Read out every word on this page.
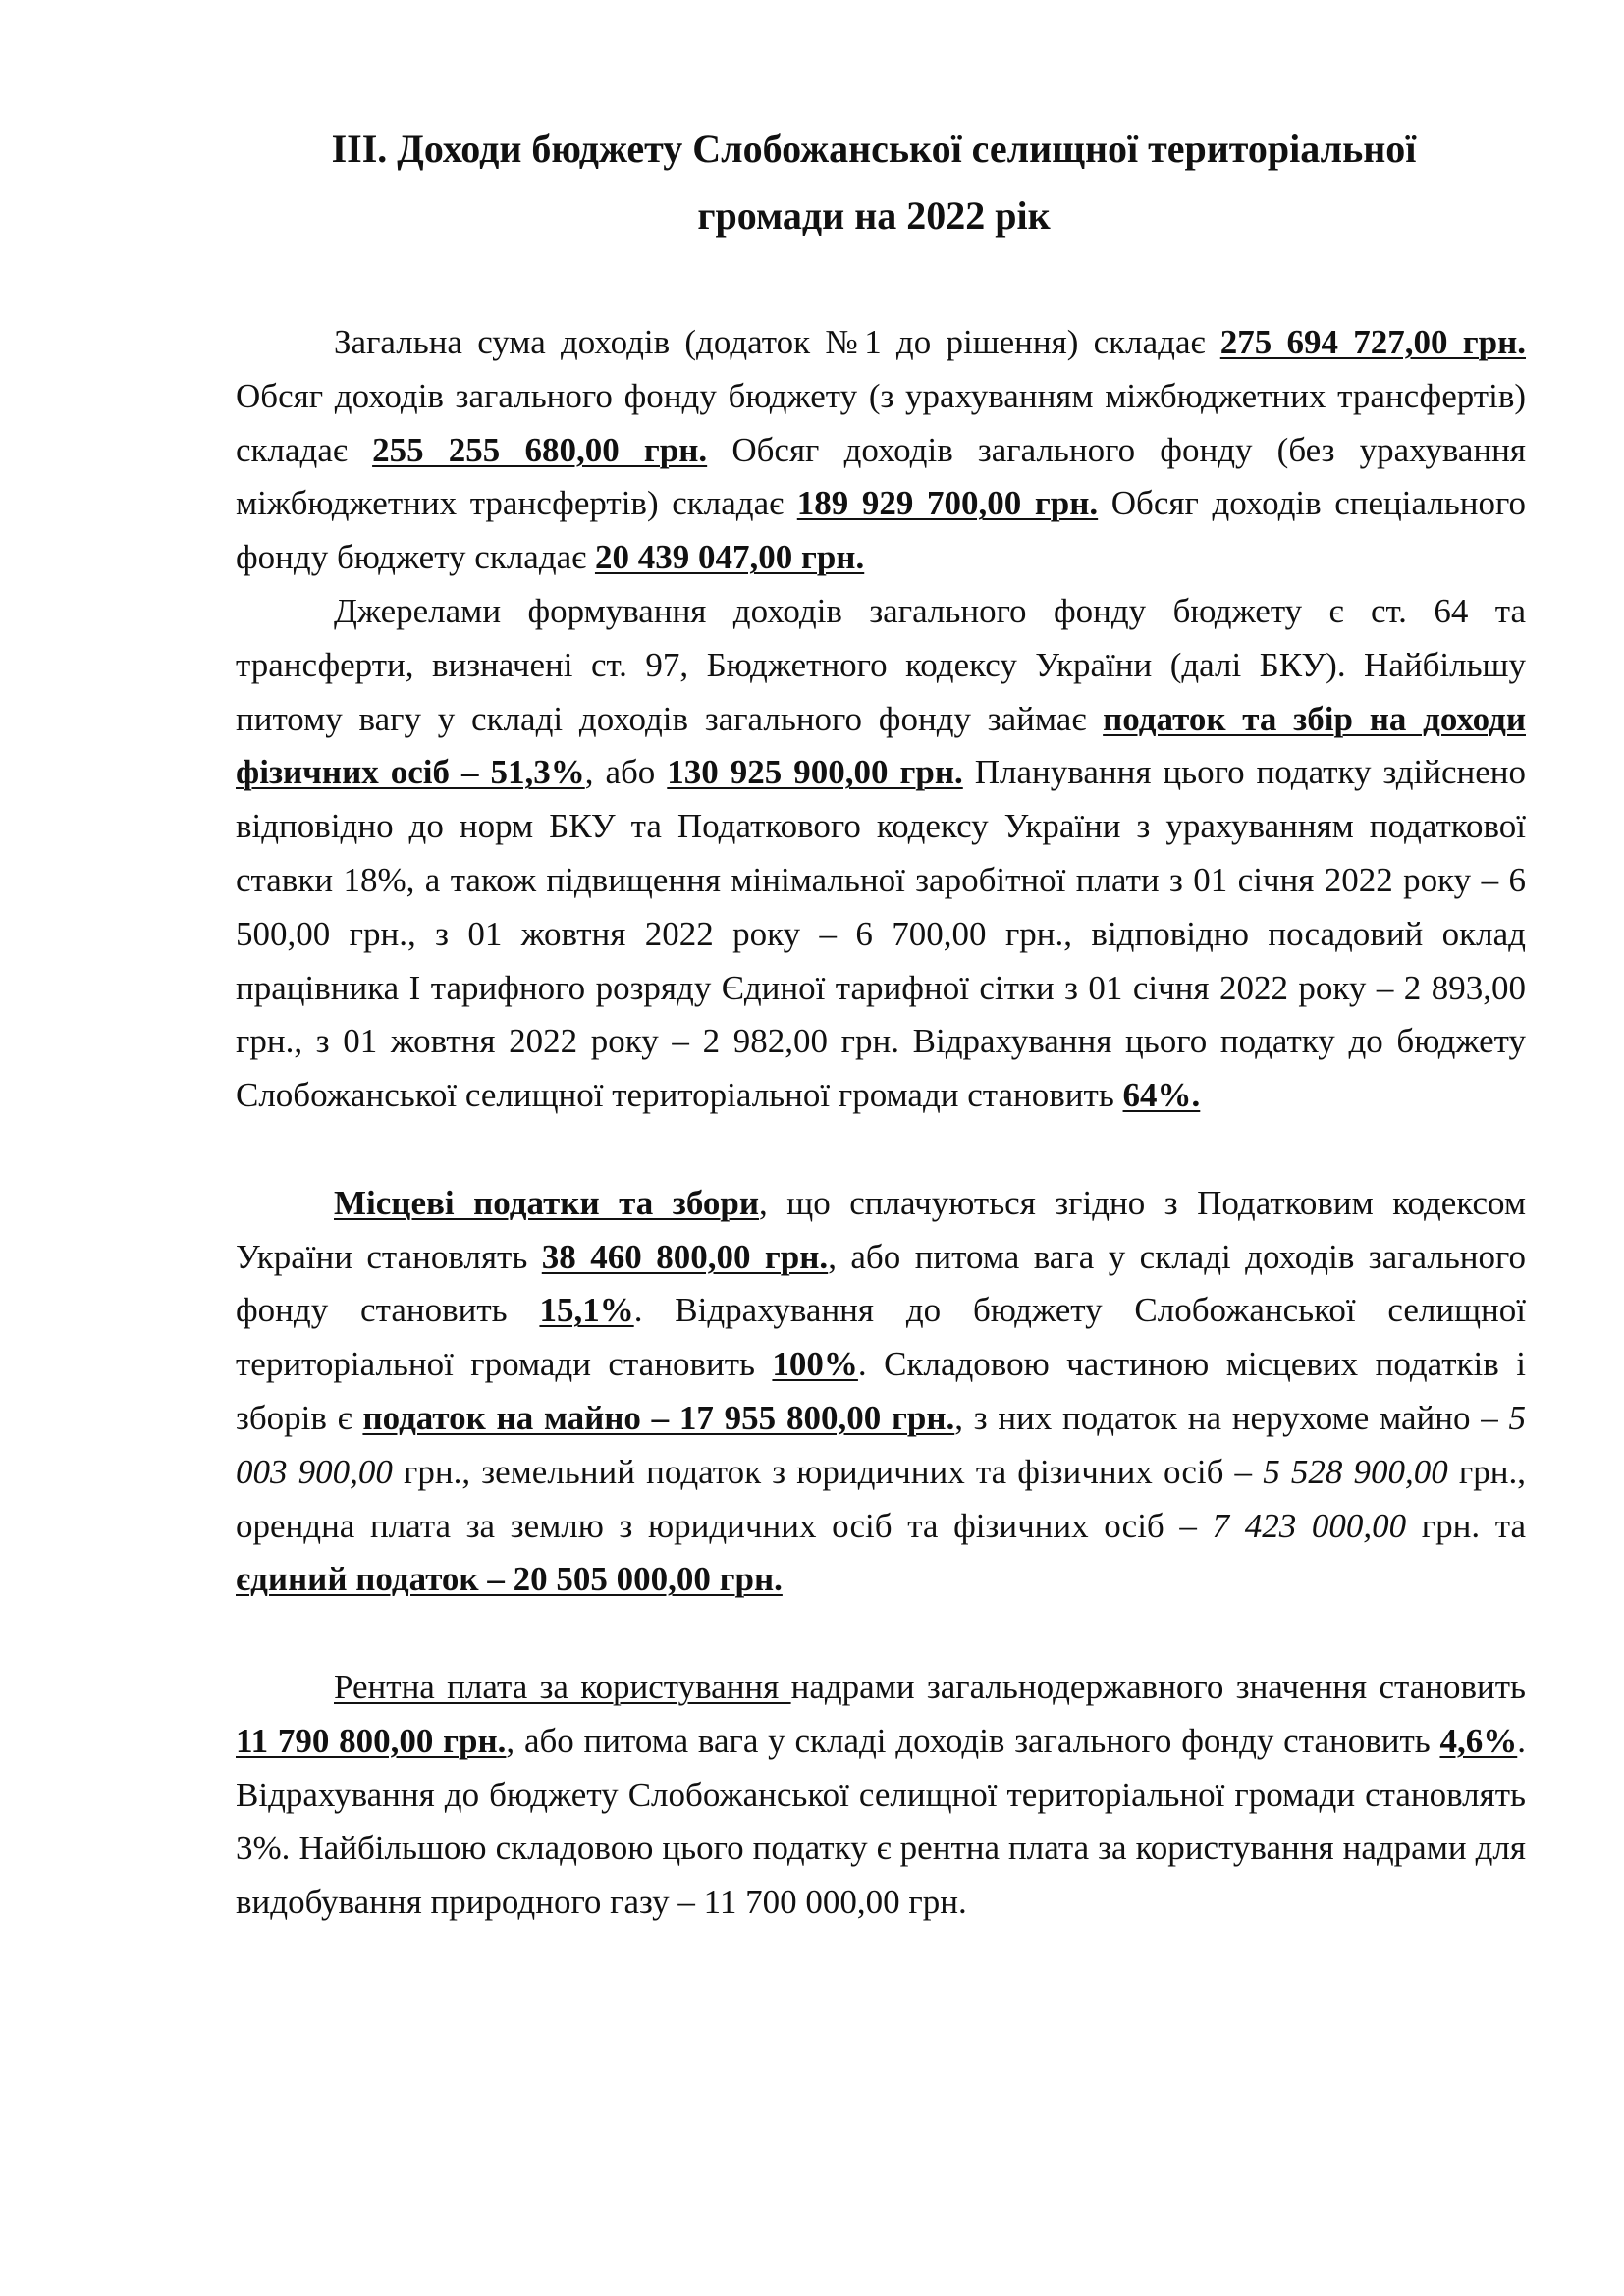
ІІІ. Доходи бюджету Слобожанської селищної територіальної
громади на 2022 рік

Загальна сума доходів (додаток №1 до рішення) складає 275 694 727,00 грн. Обсяг доходів загального фонду бюджету (з урахуванням міжбюджетних трансфертів) складає 255 255 680,00 грн. Обсяг доходів загального фонду (без урахування міжбюджетних трансфертів) складає 189 929 700,00 грн. Обсяг доходів спеціального фонду бюджету складає 20 439 047,00 грн.

Джерелами формування доходів загального фонду бюджету є ст. 64 та трансферти, визначені ст. 97, Бюджетного кодексу України (далі БКУ). Найбільшу питому вагу у складі доходів загального фонду займає податок та збір на доходи фізичних осіб – 51,3%, або 130 925 900,00 грн. Планування цього податку здійснено відповідно до норм БКУ та Податкового кодексу України з урахуванням податкової ставки 18%, а також підвищення мінімальної заробітної плати з 01 січня 2022 року – 6 500,00 грн., з 01 жовтня 2022 року – 6 700,00 грн., відповідно посадовий оклад працівника І тарифного розряду Єдиної тарифної сітки з 01 січня 2022 року – 2 893,00 грн., з 01 жовтня 2022 року – 2 982,00 грн. Відрахування цього податку до бюджету Слобожанської селищної територіальної громади становить 64%.

Місцеві податки та збори, що сплачуються згідно з Податковим кодексом України становлять 38 460 800,00 грн., або питома вага у складі доходів загального фонду становить 15,1%. Відрахування до бюджету Слобожанської селищної територіальної громади становить 100%. Складовою частиною місцевих податків і зборів є податок на майно – 17 955 800,00 грн., з них податок на нерухоме майно – 5 003 900,00 грн., земельний податок з юридичних та фізичних осіб – 5 528 900,00 грн., орендна плата за землю з юридичних осіб та фізичних осіб – 7 423 000,00 грн. та єдиний податок – 20 505 000,00 грн.

Рентна плата за користування надрами загальнодержавного значення становить 11 790 800,00 грн., або питома вага у складі доходів загального фонду становить 4,6%. Відрахування до бюджету Слобожанської селищної територіальної громади становлять 3%. Найбільшою складовою цього податку є рентна плата за користування надрами для видобування природного газу – 11 700 000,00 грн.
